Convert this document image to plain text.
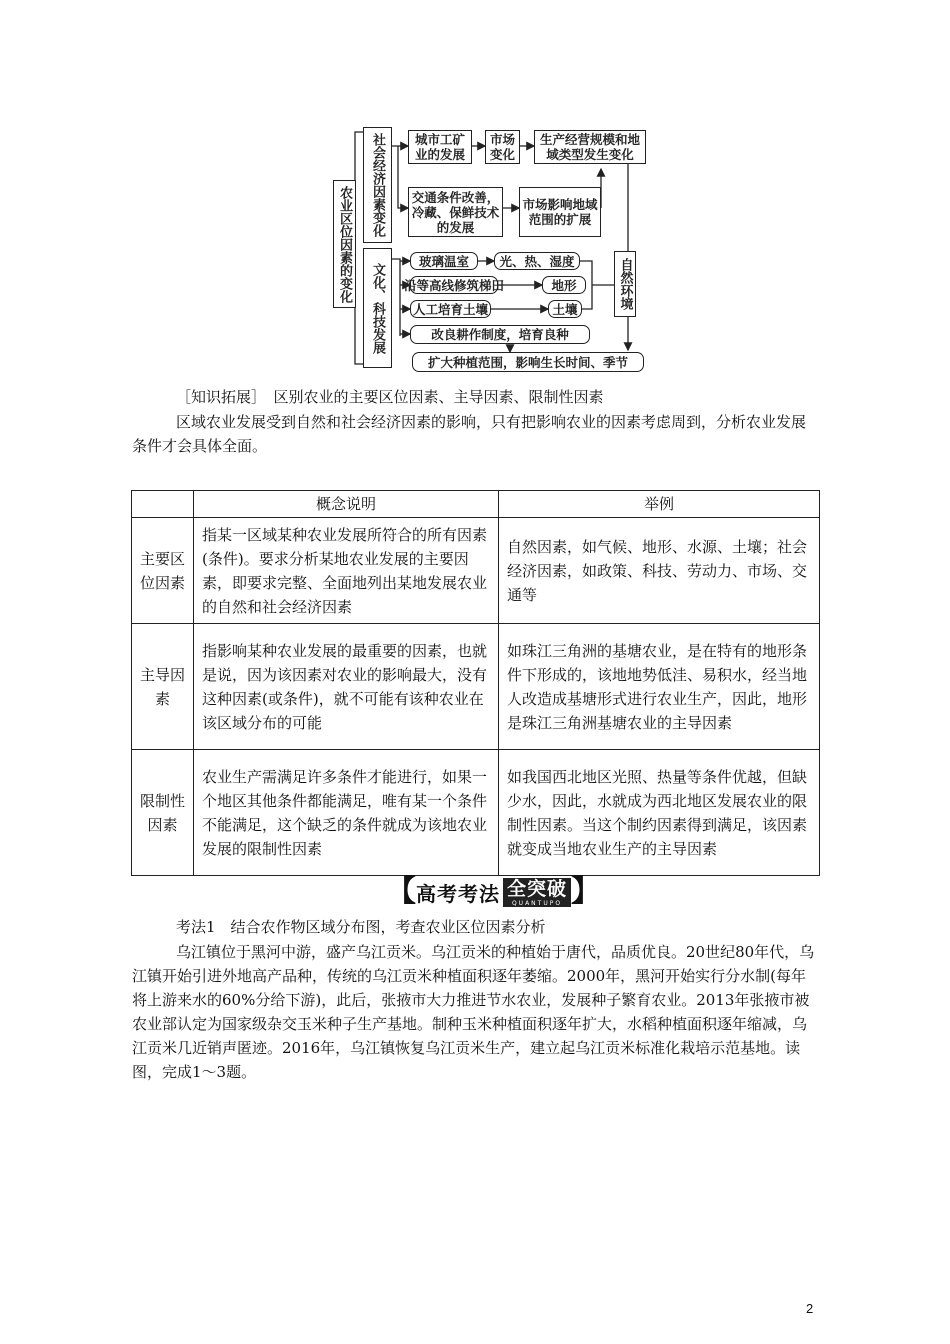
农业区位因素的变化
社会经济因素变化
文化、科技发展
城市工矿业的发展
市场变化
生产经营规模和地域类型发生变化
交通条件改善，冷藏、保鲜技术的发展
市场影响地域范围的扩展
玻璃温室	光、热、湿度
沿等高线修筑梯田	地形
人工培育土壤	土壤	自然环境
改良耕作制度，培育良种
扩大种植范围，影响生长时间、季节

［知识拓展］　区别农业的主要区位因素、主导因素、限制性因素

区域农业发展受到自然和社会经济因素的影响，只有把影响农业的因素考虑周到，分析农业发展条件才会具体全面。

	概念说明	举例
主要区位因素	指某一区域某种农业发展所符合的所有因素(条件)。要求分析某地农业发展的主要因素，即要求完整、全面地列出某地发展农业的自然和社会经济因素	自然因素，如气候、地形、水源、土壤；社会经济因素，如政策、科技、劳动力、市场、交通等
主导因素	指影响某种农业发展的最重要的因素，也就是说，因为该因素对农业的影响最大，没有这种因素(或条件)，就不可能有该种农业在该区域分布的可能	如珠江三角洲的基塘农业，是在特有的地形条件下形成的，该地地势低洼、易积水，经当地人改造成基塘形式进行农业生产，因此，地形是珠江三角洲基塘农业的主导因素
限制性因素	农业生产需满足许多条件才能进行，如果一个地区其他条件都能满足，唯有某一个条件不能满足，这个缺乏的条件就成为该地农业发展的限制性因素	如我国西北地区光照、热量等条件优越，但缺少水，因此，水就成为西北地区发展农业的限制性因素。当这个制约因素得到满足，该因素就变成当地农业生产的主导因素
【 高考考法 全突破
QUANTUPO 】

考法1　结合农作物区域分布图，考查农业区位因素分析

乌江镇位于黑河中游，盛产乌江贡米。乌江贡米的种植始于唐代，品质优良。20世纪80年代，乌江镇开始引进外地高产品种，传统的乌江贡米种植面积逐年萎缩。2000年，黑河开始实行分水制(每年将上游来水的60%分给下游)，此后，张掖市大力推进节水农业，发展种子繁育农业。2013年张掖市被农业部认定为国家级杂交玉米种子生产基地。制种玉米种植面积逐年扩大，水稻种植面积逐年缩减，乌江贡米几近销声匿迹。2016年，乌江镇恢复乌江贡米生产，建立起乌江贡米标准化栽培示范基地。读图，完成1～3题。

2
